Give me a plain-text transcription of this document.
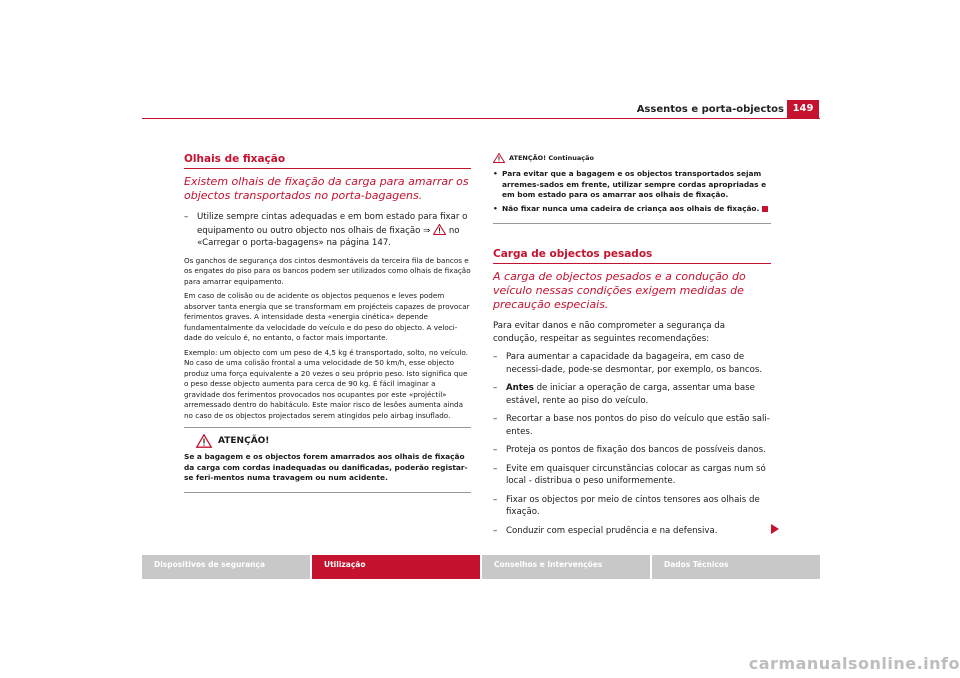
Assentos e porta-objectos 149
Olhais de fixação
Existem olhais de fixação da carga para amarrar os objectos transportados no porta-bagagens.
– Utilize sempre cintas adequadas e em bom estado para fixar o equipamento ou outro objecto nos olhais de fixação ⇒ no «Carregar o porta-bagagens» na página 147.
Os ganchos de segurança dos cintos desmontáveis da terceira fila de bancos e os engates do piso para os bancos podem ser utilizados como olhais de fixação para amarrar equipamento.
Em caso de colisão ou de acidente os objectos pequenos e leves podem absorver tanta energia que se transformam em projécteis capazes de provocar ferimentos graves. A intensidade desta «energia cinética» depende fundamentalmente da velocidade do veículo e do peso do objecto. A veloci-dade do veículo é, no entanto, o factor mais importante.
Exemplo: um objecto com um peso de 4,5 kg é transportado, solto, no veículo. No caso de uma colisão frontal a uma velocidade de 50 km/h, esse objecto produz uma força equivalente a 20 vezes o seu próprio peso. Isto significa que o peso desse objecto aumenta para cerca de 90 kg. É fácil imaginar a gravidade dos ferimentos provocados nos ocupantes por este «projéctil» arremessado dentro do habitáculo. Este maior risco de lesões aumenta ainda no caso de os objectos projectados serem atingidos pelo airbag insuflado.
ATENÇÃO!
Se a bagagem e os objectos forem amarrados aos olhais de fixação da carga com cordas inadequadas ou danificadas, poderão registar-se feri-mentos numa travagem ou num acidente.
ATENÇÃO! Continuação
• Para evitar que a bagagem e os objectos transportados sejam arremes-sados em frente, utilizar sempre cordas apropriadas e em bom estado para os amarrar aos olhais de fixação.
• Não fixar nunca uma cadeira de criança aos olhais de fixação.
Carga de objectos pesados
A carga de objectos pesados e a condução do veículo nessas condições exigem medidas de precaução especiais.
Para evitar danos e não comprometer a segurança da condução, respeitar as seguintes recomendações:
– Para aumentar a capacidade da bagageira, em caso de necessi-dade, pode-se desmontar, por exemplo, os bancos.
– Antes de iniciar a operação de carga, assentar uma base estável, rente ao piso do veículo.
– Recortar a base nos pontos do piso do veículo que estão sali-entes.
– Proteja os pontos de fixação dos bancos de possíveis danos.
– Evite em quaisquer circunstâncias colocar as cargas num só local - distribua o peso uniformemente.
– Fixar os objectos por meio de cintos tensores aos olhais de fixação.
– Conduzir com especial prudência e na defensiva.
Dispositivos de segurança	Utilização	Conselhos e Intervenções	Dados Técnicos
carmanualsonline.info
